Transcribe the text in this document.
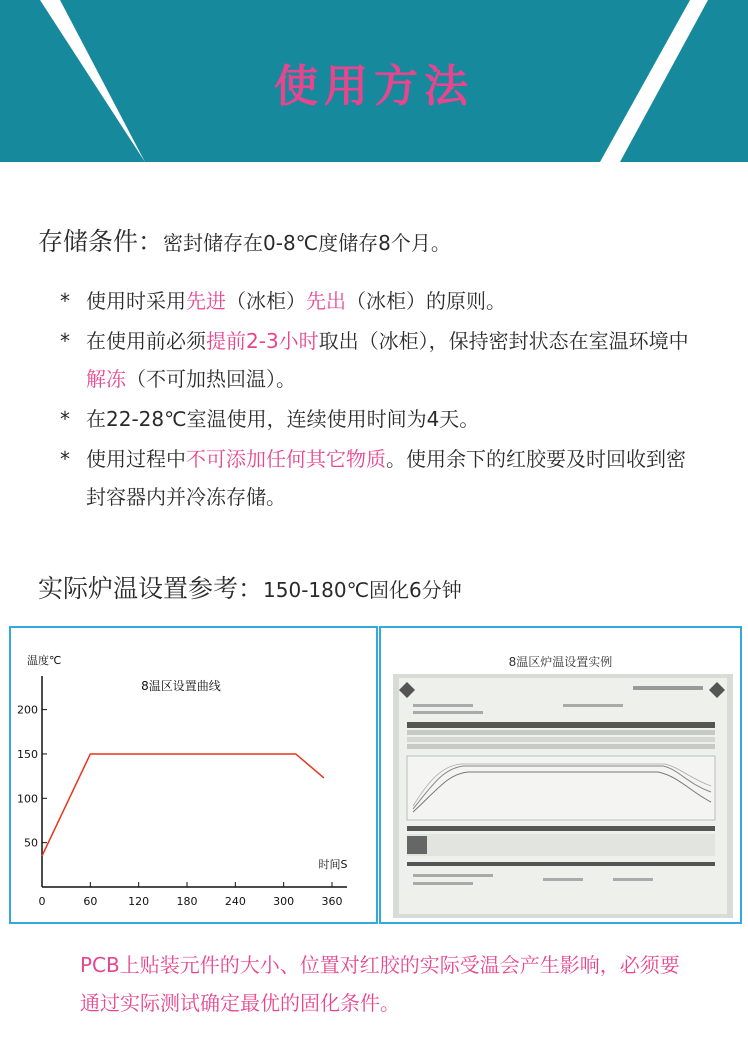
使用方法
存储条件：密封储存在0-8℃度储存8个月。
* 使用时采用先进（冰柜）先出（冰柜）的原则。
* 在使用前必须提前2-3小时取出（冰柜），保持密封状态在室温环境中解冻（不可加热回温）。
* 在22-28℃室温使用，连续使用时间为4天。
* 使用过程中不可添加任何其它物质。使用余下的红胶要及时回收到密封容器内并冷冻存储。
实际炉温设置参考：150-180℃固化6分钟
0	60	120 180 240 300 360
50
100
150
200
温度℃
时间S
8温区设置曲线
8温区炉温设置实例
PCB上贴装元件的大小、位置对红胶的实际受温会产生影响，必须要通过实际测试确定最优的固化条件。
